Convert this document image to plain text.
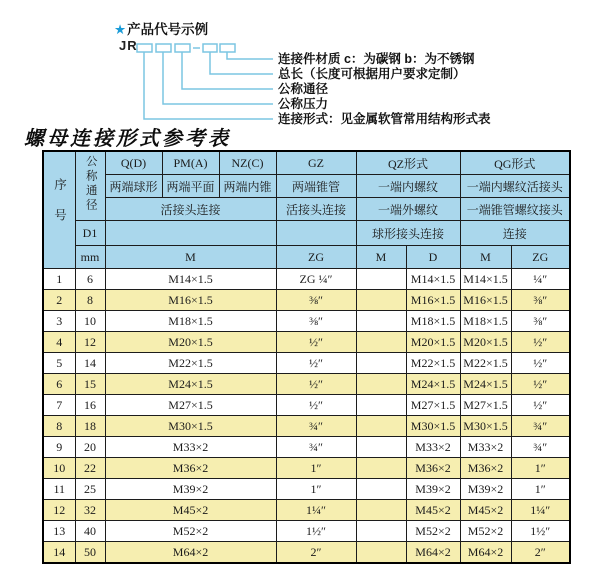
★产品代号示例
JR
连接件材质 c：为碳钢 b：为不锈钢
总长（长度可根据用户要求定制）
公称通径
公称压力
连接形式：见金属软管常用结构形式表
螺母连接形式参考表
序号	公称通径	Q(D)	PM(A)	NZ(C)	GZ	QZ形式		QG形式	
		两端球形	两端平面	两端内锥	两端锥管	一端内螺纹		一端内螺纹活接头	
		活接头连接			活接头连接	一端外螺纹		一端锥管螺纹接头	
	D1					球形接头连接		连接	
	mm	M			ZG	M	D	M	ZG
1	6	M14×1.5			ZG ¼″		M14×1.5	M14×1.5	¼″
2	8	M16×1.5			⅜″		M16×1.5	M16×1.5	⅜″
3	10	M18×1.5			⅜″		M18×1.5	M18×1.5	⅜″
4	12	M20×1.5			½″		M20×1.5	M20×1.5	½″
5	14	M22×1.5			½″		M22×1.5	M22×1.5	½″
6	15	M24×1.5			½″		M24×1.5	M24×1.5	½″
7	16	M27×1.5			½″		M27×1.5	M27×1.5	½″
8	18	M30×1.5			¾″		M30×1.5	M30×1.5	¾″
9	20	M33×2			¾″		M33×2	M33×2	¾″
10	22	M36×2			1″		M36×2	M36×2	1″
11	25	M39×2			1″		M39×2	M39×2	1″
12	32	M45×2			1¼″		M45×2	M45×2	1¼″
13	40	M52×2			1½″		M52×2	M52×2	1½″
14	50	M64×2			2″		M64×2	M64×2	2″
